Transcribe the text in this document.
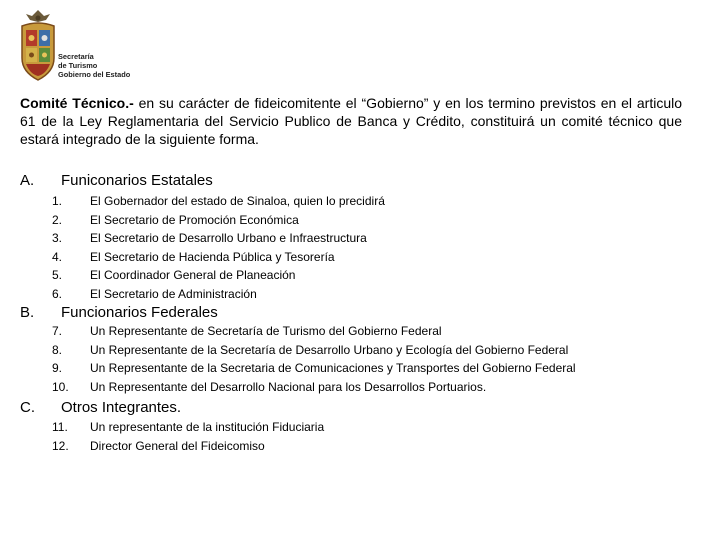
Secretaría
de Turismo
Gobierno del Estado
Comité Técnico.- en su carácter de fideicomitente el “Gobierno” y en los termino previstos en el articulo 61 de la Ley Reglamentaria del Servicio Publico de Banca y Crédito, constituirá un comité técnico que estará integrado de la siguiente forma.
A. Funiconarios Estatales
1.	El Gobernador del estado de Sinaloa, quien lo precidirá
2.	El Secretario de Promoción Económica
3.	El Secretario de Desarrollo Urbano e Infraestructura
4.	El Secretario de Hacienda Pública y Tesorería
5.	El Coordinador General de Planeación
6.	El Secretario de Administración
B. Funcionarios Federales
7.	Un Representante de Secretaría de Turismo del Gobierno Federal
8.	Un Representante de la Secretaría de Desarrollo Urbano y Ecología del Gobierno Federal
9.	Un Representante de la Secretaria de Comunicaciones y Transportes del Gobierno Federal
10.	Un Representante del Desarrollo Nacional para los Desarrollos Portuarios.
C. Otros Integrantes.
11.	Un representante de la institución Fiduciaria
12.	Director General del Fideicomiso
